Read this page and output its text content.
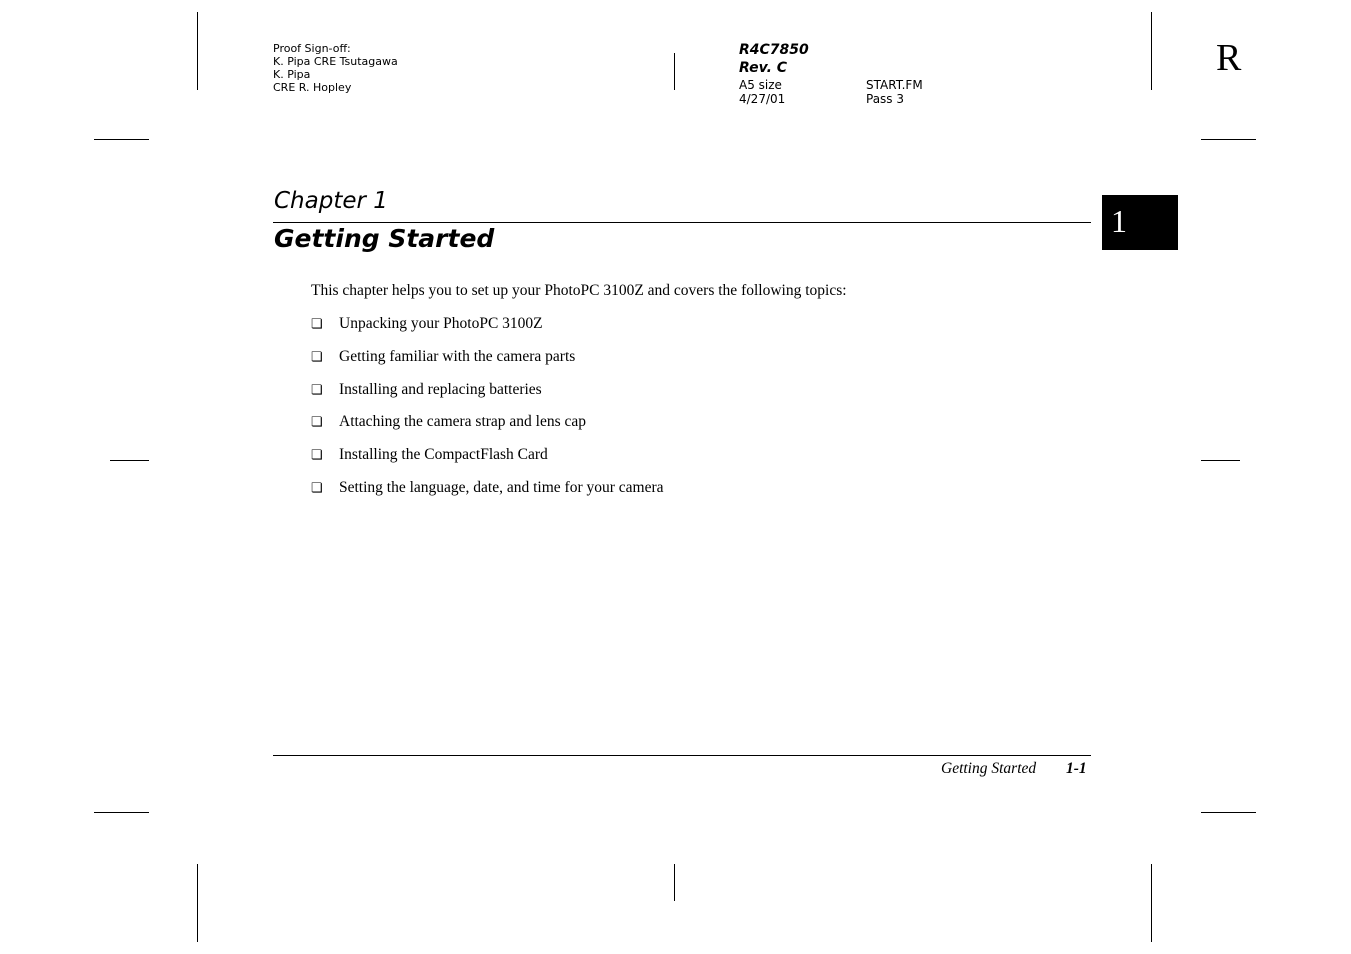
Proof Sign-off:
K. Pipa CRE Tsutagawa
K. Pipa
CRE R. Hopley
R4C7850
Rev. C
A5 size	START.FM
4/27/01	Pass 3
R
Chapter 1
Getting Started	1
This chapter helps you to set up your PhotoPC 3100Z and covers the following topics:
❏	Unpacking your PhotoPC 3100Z
❏	Getting familiar with the camera parts
❏	Installing and replacing batteries
❏	Attaching the camera strap and lens cap
❏	Installing the CompactFlash Card
❏	Setting the language, date, and time for your camera
Getting Started 1-1
